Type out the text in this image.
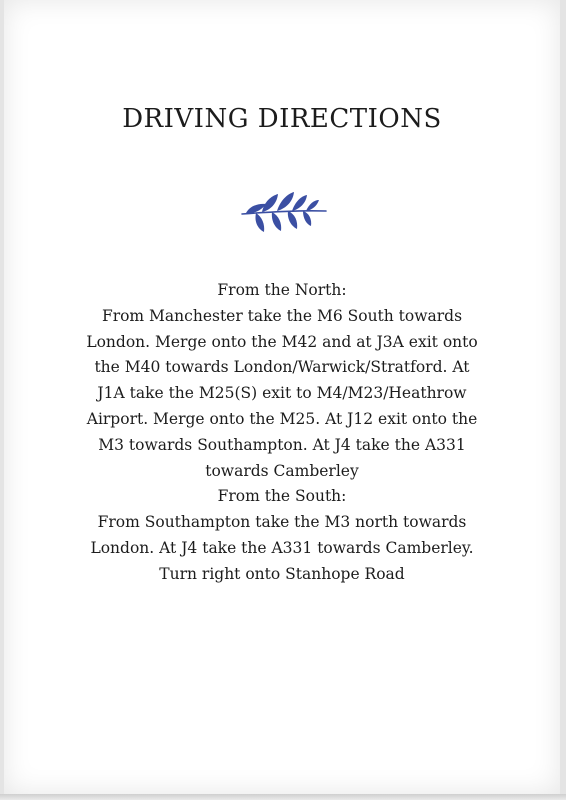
DRIVING DIRECTIONS

From the North:

From Manchester take the M6 South towards London. Merge onto the M42 and at J3A exit onto the M40 towards London/Warwick/Stratford. At J1A take the M25(S) exit to M4/M23/Heathrow Airport. Merge onto the M25. At J12 exit onto the M3 towards Southampton. At J4 take the A331 towards Camberley

From the South:

From Southampton take the M3 north towards London. At J4 take the A331 towards Camberley. Turn right onto Stanhope Road
